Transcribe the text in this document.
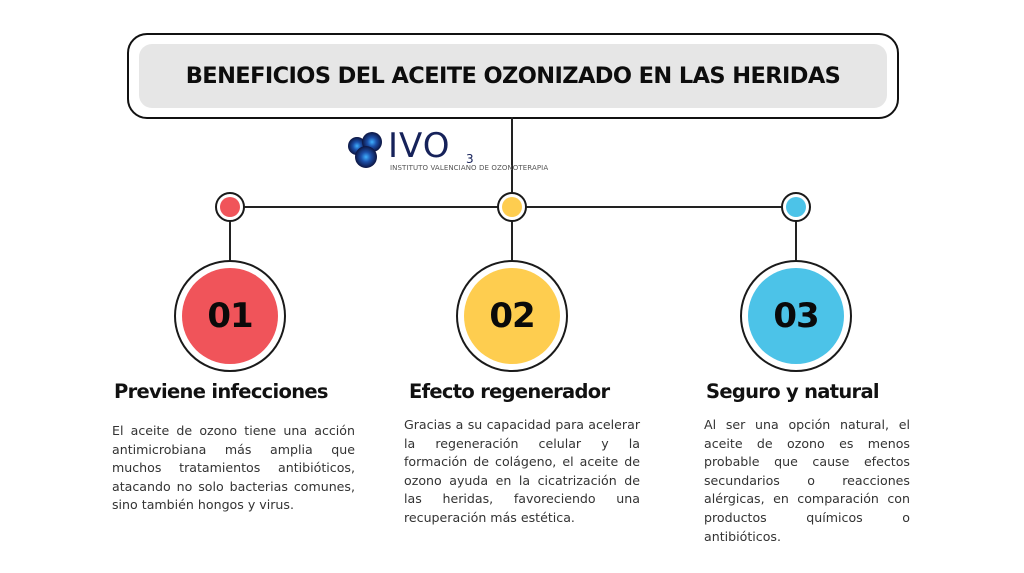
BENEFICIOS DEL ACEITE OZONIZADO EN LAS HERIDAS
IVO 3
INSTITUTO VALENCIANO DE OZONOTERAPIA
01	02	03
Previene infecciones
El aceite de ozono tiene una acción antimicrobiana más amplia que muchos tratamientos antibióticos, atacando no solo bacterias comunes, sino también hongos y virus.
Efecto regenerador
Gracias a su capacidad para acelerar la regeneración celular y la formación de colágeno, el aceite de ozono ayuda en la cicatrización de las heridas, favoreciendo una recuperación más estética.
Seguro y natural
Al ser una opción natural, el aceite de ozono es menos probable que cause efectos secundarios o reacciones alérgicas, en comparación con productos químicos o antibióticos.
